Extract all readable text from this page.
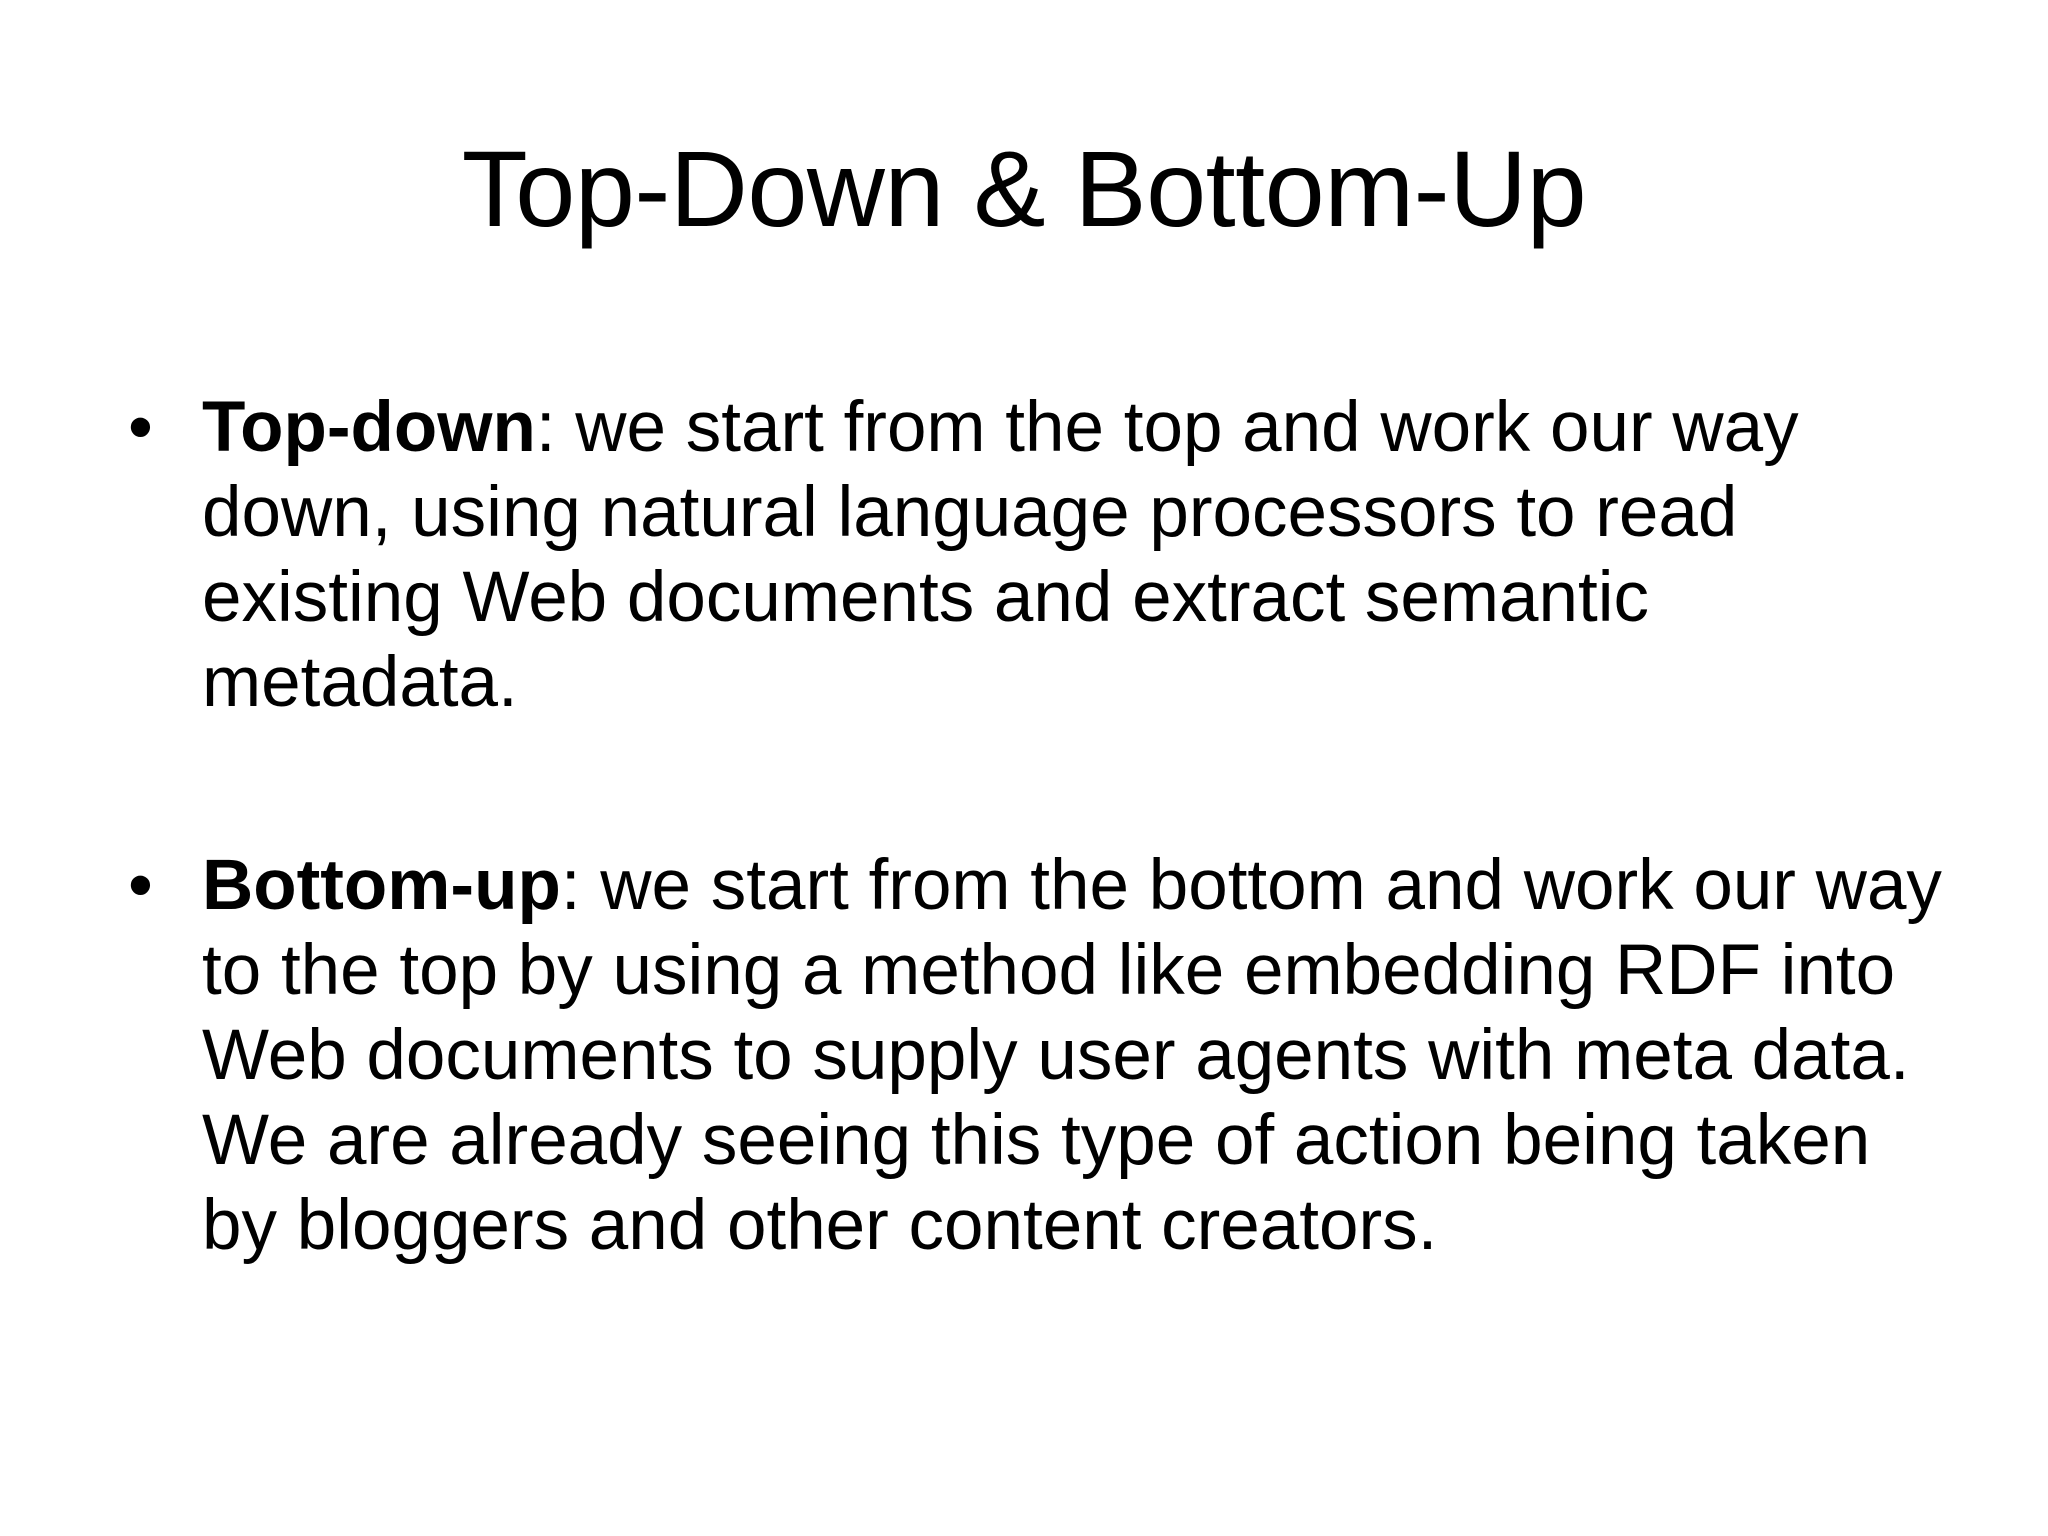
Top-Down & Bottom-Up
• Top-down: we start from the top and work our way down, using natural language processors to read existing Web documents and extract semantic metadata.
• Bottom-up: we start from the bottom and work our way to the top by using a method like embedding RDF into Web documents to supply user agents with meta data. We are already seeing this type of action being taken by bloggers and other content creators.
